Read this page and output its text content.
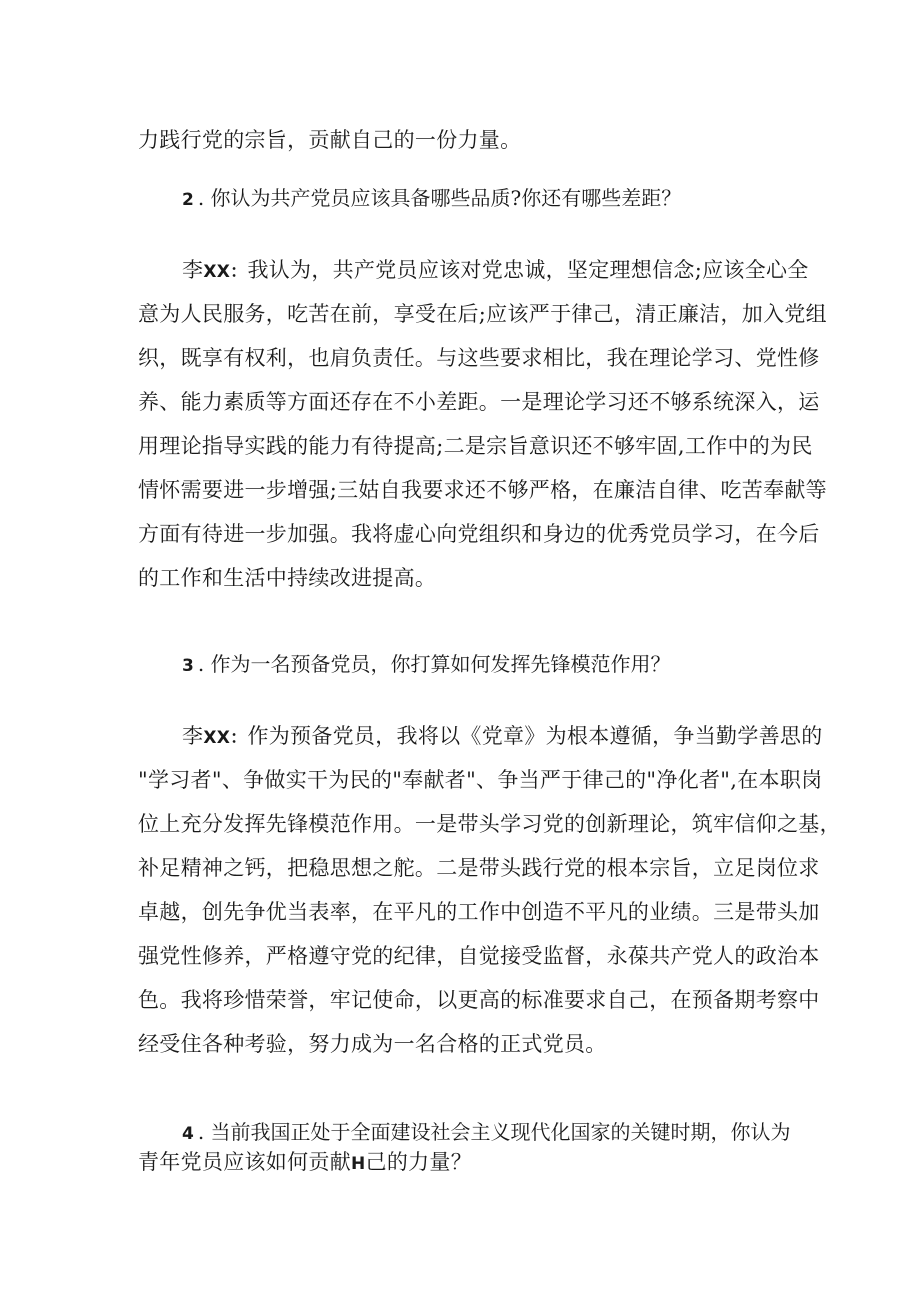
力践行党的宗旨，贡献自己的一份力量。
2 . 你认为共产党员应该具备哪些品质?你还有哪些差距？
李XX：我认为，共产党员应该对党忠诚，坚定理想信念;应该全心全
意为人民服务，吃苦在前，享受在后;应该严于律己，清正廉洁，加入党组
织，既享有权利，也肩负责任。与这些要求相比，我在理论学习、党性修
养、能力素质等方面还存在不小差距。一是理论学习还不够系统深入，运
用理论指导实践的能力有待提高;二是宗旨意识还不够牢固,工作中的为民
情怀需要进一步增强;三姑自我要求还不够严格，在廉洁自律、吃苦奉献等
方面有待进一步加强。我将虚心向党组织和身边的优秀党员学习，在今后
的工作和生活中持续改进提高。
3 . 作为一名预备党员，你打算如何发挥先锋模范作用？
李XX：作为预备党员，我将以《党章》为根本遵循，争当勤学善思的
"学习者"、争做实干为民的"奉献者"、争当严于律己的"净化者",在本职岗
位上充分发挥先锋模范作用。一是带头学习党的创新理论，筑牢信仰之基，
补足精神之钙，把稳思想之舵。二是带头践行党的根本宗旨，立足岗位求
卓越，创先争优当表率，在平凡的工作中创造不平凡的业绩。三是带头加
强党性修养，严格遵守党的纪律，自觉接受监督，永葆共产党人的政治本
色。我将珍惜荣誉，牢记使命，以更高的标准要求自己，在预备期考察中
经受住各种考验，努力成为一名合格的正式党员。
4 . 当前我国正处于全面建设社会主义现代化国家的关键时期，你认为
青年党员应该如何贡献H己的力量？
